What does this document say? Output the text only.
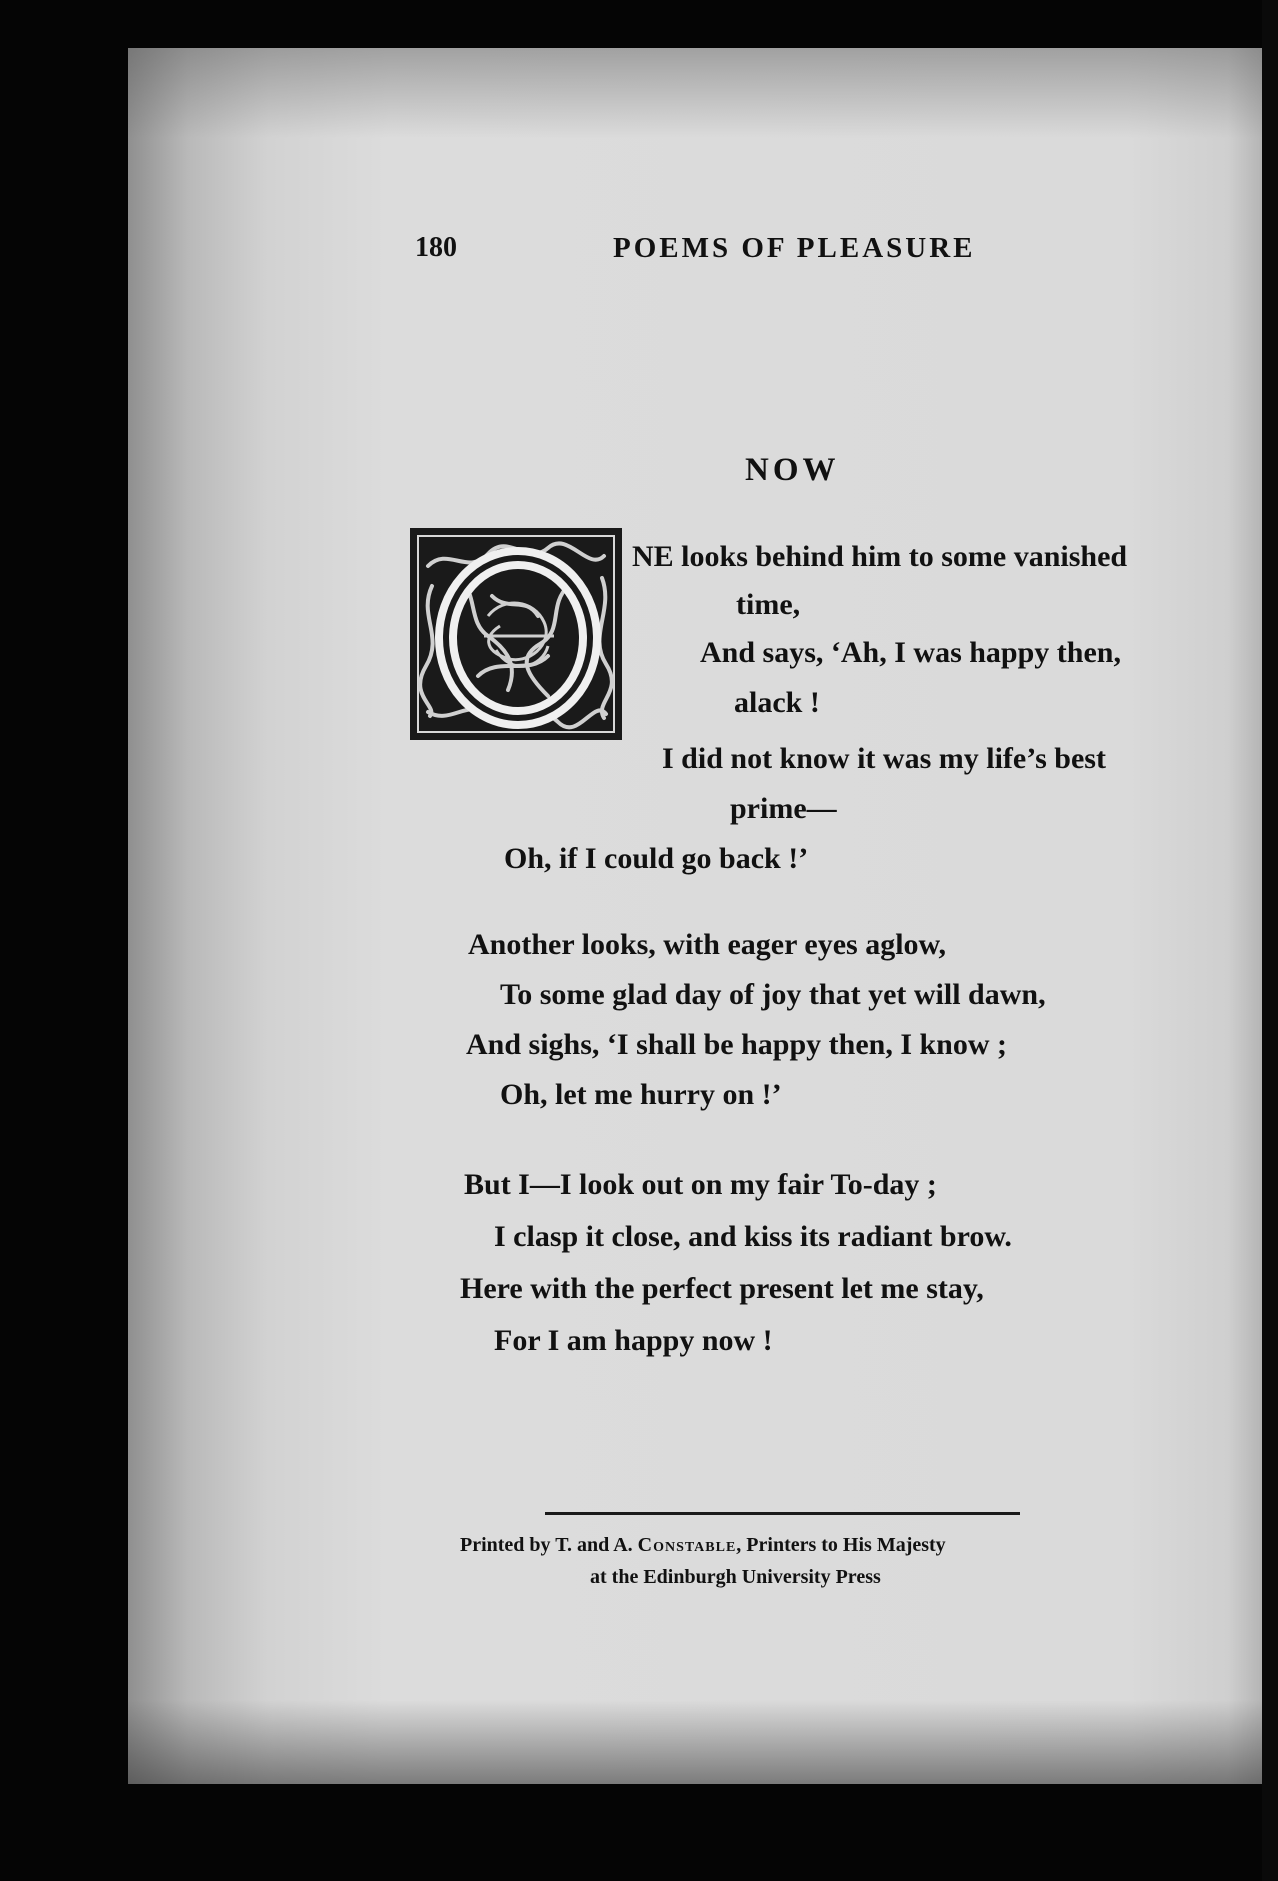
180	POEMS OF PLEASURE
NOW
NE looks behind him to some vanished
time,
And says, ‘Ah, I was happy then,
alack !
I did not know it was my life’s best
prime—
Oh, if I could go back !’
Another looks, with eager eyes aglow,
To some glad day of joy that yet will dawn,
And sighs, ‘I shall be happy then, I know ;
Oh, let me hurry on !’
But I—I look out on my fair To-day ;
I clasp it close, and kiss its radiant brow.
Here with the perfect present let me stay,
For I am happy now !
Printed by T. and A. Constable, Printers to His Majesty
at the Edinburgh University Press
